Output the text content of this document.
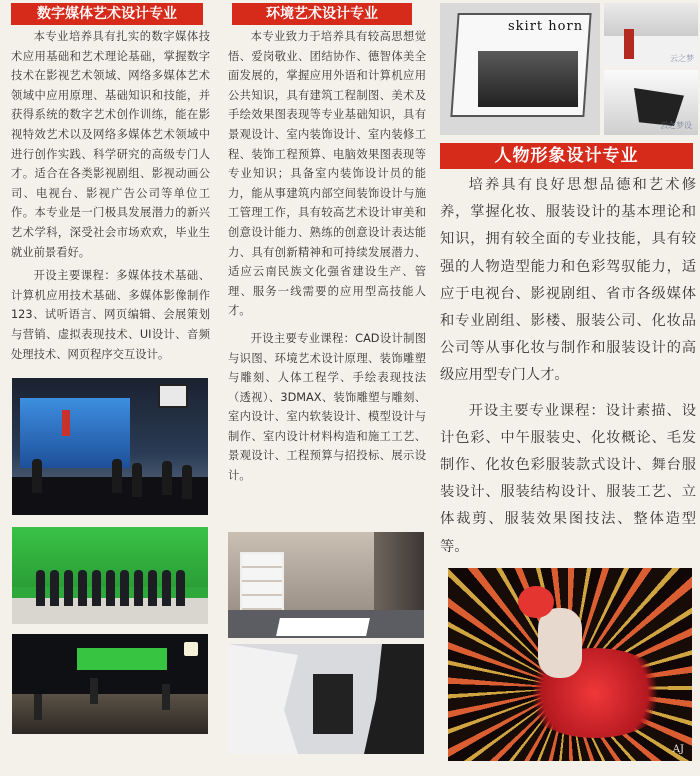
数字媒体艺术设计专业

本专业培养具有扎实的数字媒体技术应用基础和艺术理论基础，掌握数字技术在影视艺术领域、网络多媒体艺术领域中应用原理、基础知识和技能，并获得系统的数字艺术创作训练，能在影视特效艺术以及网络多媒体艺术领域中进行创作实践、科学研究的高级专门人才。适合在各类影视剧组、影视动画公司、电视台、影视广告公司等单位工作。本专业是一门极具发展潜力的新兴艺术学科，深受社会市场欢欢，毕业生就业前景看好。

开设主要课程：多媒体技术基础、计算机应用技术基础、多媒体影像制作123、试听语言、网页编辑、会展策划与营销、虚拟表现技术、UI设计、音频处理技术、网页程序交互设计。

环境艺术设计专业

本专业致力于培养具有较高思想觉悟、爱岗敬业、团结协作、德智体美全面发展的，掌握应用外语和计算机应用公共知识，具有建筑工程制图、美术及手绘效果图表现等专业基础知识，具有景观设计、室内装饰设计、室内装修工程、装饰工程预算、电脑效果图表现等专业知识；具备室内装饰设计员的能力，能从事建筑内部空间装饰设计与施工管理工作，具有较高艺术设计审美和创意设计能力、熟练的创意设计表达能力、具有创新精神和可持续发展潜力、适应云南民族文化强省建设生产、管理、服务一线需要的应用型高技能人才。

开设主要专业课程：CAD设计制图与识图、环境艺术设计原理、装饰雕塑与雕刻、人体工程学、手绘表现技法（透视）、3DMAX、装饰雕塑与雕刻、室内设计、室内软装设计、模型设计与制作、室内设计材料构造和施工工艺、景观设计、工程预算与招投标、展示设计。

skirt horn
云之梦
云之梦设
人物形象设计专业

培养具有良好思想品德和艺术修养，掌握化妆、服装设计的基本理论和知识，拥有较全面的专业技能，具有较强的人物造型能力和色彩驾驭能力，适应于电视台、影视剧组、省市各级媒体和专业剧组、影楼、服装公司、化妆品公司等从事化妆与制作和服装设计的高级应用型专门人才。

开设主要专业课程：设计素描、设计色彩、中午服装史、化妆概论、毛发制作、化妆色彩服装款式设计、舞台服装设计、服装结构设计、服装工艺、立体裁剪、服装效果图技法、整体造型等。

AJ
